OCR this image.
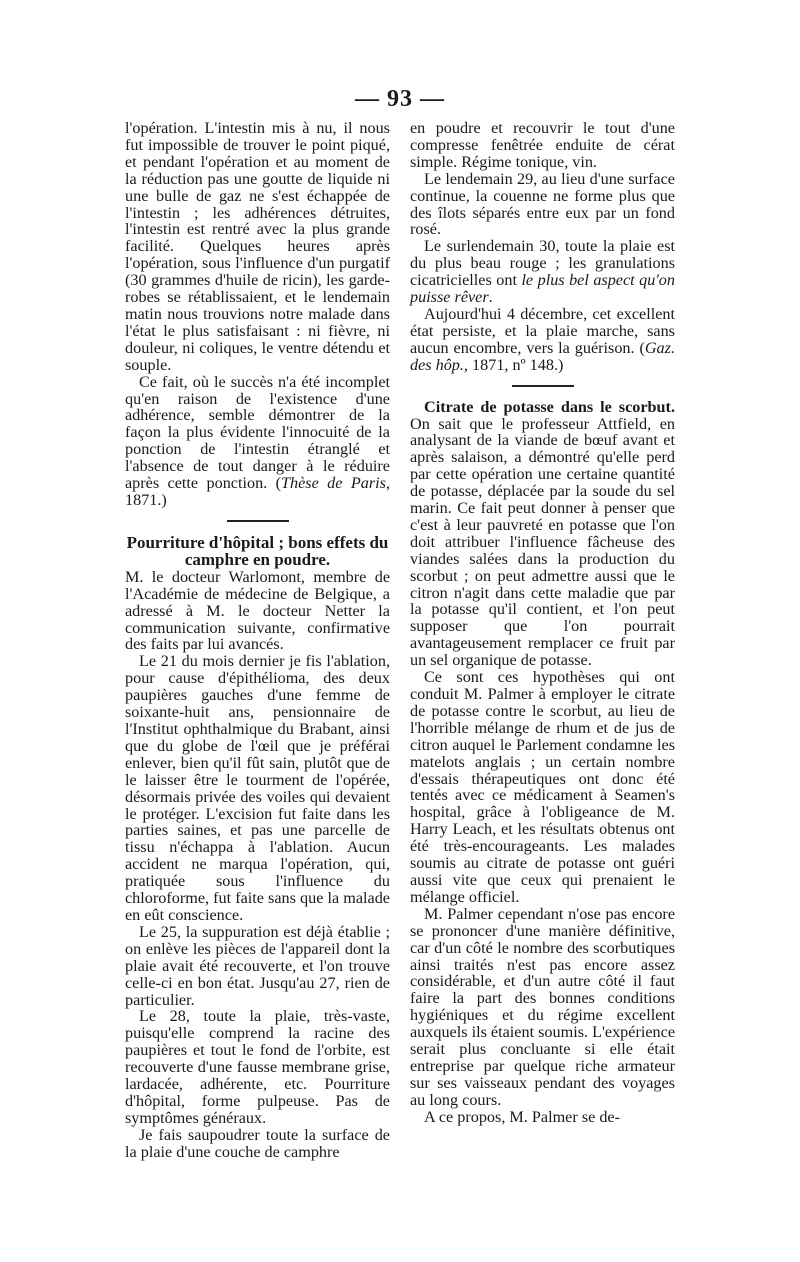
— 93 —

l'opération. L'intestin mis à nu, il nous fut impossible de trouver le point piqué, et pendant l'opération et au moment de la réduction pas une goutte de liquide ni une bulle de gaz ne s'est échappée de l'intestin ; les adhérences détruites, l'intestin est rentré avec la plus grande facilité. Quelques heures après l'opération, sous l'influence d'un purgatif (30 grammes d'huile de ricin), les garde-robes se rétablissaient, et le lendemain matin nous trouvions notre malade dans l'état le plus satisfaisant : ni fièvre, ni douleur, ni coliques, le ventre détendu et souple.

Ce fait, où le succès n'a été incomplet qu'en raison de l'existence d'une adhérence, semble démontrer de la façon la plus évidente l'innocuité de la ponction de l'intestin étranglé et l'absence de tout danger à le réduire après cette ponction. (Thèse de Paris, 1871.)

Pourriture d'hôpital ; bons effets du camphre en poudre.

M. le docteur Warlomont, membre de l'Académie de médecine de Belgique, a adressé à M. le docteur Netter la communication suivante, confirmative des faits par lui avancés.

Le 21 du mois dernier je fis l'ablation, pour cause d'épithélioma, des deux paupières gauches d'une femme de soixante-huit ans, pensionnaire de l'Institut ophthalmique du Brabant, ainsi que du globe de l'œil que je préférai enlever, bien qu'il fût sain, plutôt que de le laisser être le tourment de l'opérée, désormais privée des voiles qui devaient le protéger. L'excision fut faite dans les parties saines, et pas une parcelle de tissu n'échappa à l'ablation. Aucun accident ne marqua l'opération, qui, pratiquée sous l'influence du chloroforme, fut faite sans que la malade en eût conscience.

Le 25, la suppuration est déjà établie ; on enlève les pièces de l'appareil dont la plaie avait été recouverte, et l'on trouve celle-ci en bon état. Jusqu'au 27, rien de particulier.

Le 28, toute la plaie, très-vaste, puisqu'elle comprend la racine des paupières et tout le fond de l'orbite, est recouverte d'une fausse membrane grise, lardacée, adhérente, etc. Pourriture d'hôpital, forme pulpeuse. Pas de symptômes généraux.

Je fais saupoudrer toute la surface de la plaie d'une couche de camphre

en poudre et recouvrir le tout d'une compresse fenêtrée enduite de cérat simple. Régime tonique, vin.

Le lendemain 29, au lieu d'une surface continue, la couenne ne forme plus que des îlots séparés entre eux par un fond rosé.

Le surlendemain 30, toute la plaie est du plus beau rouge ; les granulations cicatricielles ont le plus bel aspect qu'on puisse rêver.

Aujourd'hui 4 décembre, cet excellent état persiste, et la plaie marche, sans aucun encombre, vers la guérison. (Gaz. des hôp., 1871, nº 148.)

Citrate de potasse dans le scorbut. On sait que le professeur Attfield, en analysant de la viande de bœuf avant et après salaison, a démontré qu'elle perd par cette opération une certaine quantité de potasse, déplacée par la soude du sel marin. Ce fait peut donner à penser que c'est à leur pauvreté en potasse que l'on doit attribuer l'influence fâcheuse des viandes salées dans la production du scorbut ; on peut admettre aussi que le citron n'agit dans cette maladie que par la potasse qu'il contient, et l'on peut supposer que l'on pourrait avantageusement remplacer ce fruit par un sel organique de potasse.

Ce sont ces hypothèses qui ont conduit M. Palmer à employer le citrate de potasse contre le scorbut, au lieu de l'horrible mélange de rhum et de jus de citron auquel le Parlement condamne les matelots anglais ; un certain nombre d'essais thérapeutiques ont donc été tentés avec ce médicament à Seamen's hospital, grâce à l'obligeance de M. Harry Leach, et les résultats obtenus ont été très-encourageants. Les malades soumis au citrate de potasse ont guéri aussi vite que ceux qui prenaient le mélange officiel.

M. Palmer cependant n'ose pas encore se prononcer d'une manière définitive, car d'un côté le nombre des scorbutiques ainsi traités n'est pas encore assez considérable, et d'un autre côté il faut faire la part des bonnes conditions hygiéniques et du régime excellent auxquels ils étaient soumis. L'expérience serait plus concluante si elle était entreprise par quelque riche armateur sur ses vaisseaux pendant des voyages au long cours.

A ce propos, M. Palmer se de-
